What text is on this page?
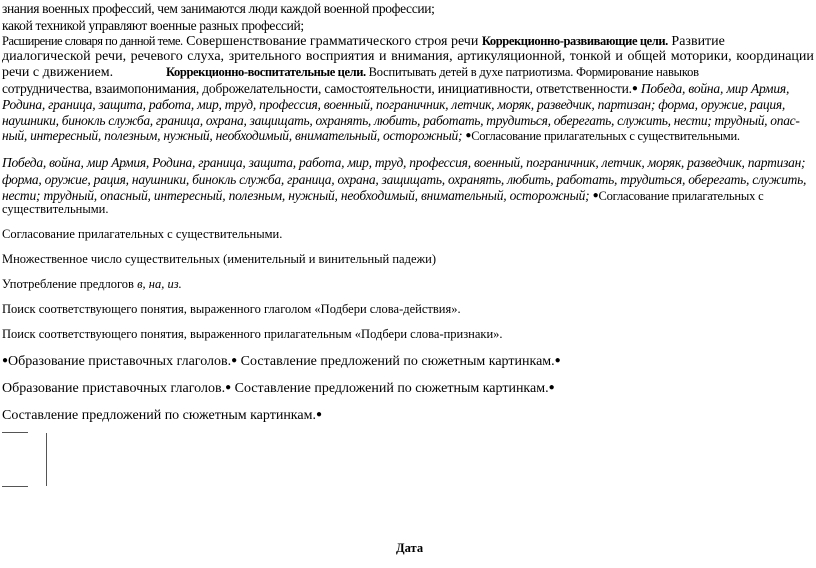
знания военных профессий, чем занимаются люди каждой военной профессии;
какой техникой управляют военные разных профессий;
Расширение словаря по данной теме. Совершенствование грамматического строя речи Коррекционно-развивающие цели. Развитие
диалогической речи, речевого слуха, зрительного восприятия и внимания, артикуляционной, тонкой и общей моторики, координации
речи с движением.	Коррекционно-воспитательные цели. Воспитывать детей в духе патриотизма. Формирование навыков
сотрудничества, взаимопонимания, доброжелательности, самостоятельности, инициативности, ответственности.● Победа, война, мир Армия,
Родина, граница, защита, работа, мир, труд, профессия, военный, пограничник, летчик, моряк, разведчик, партизан; форма, оружие, рация,
наушники, бинокль служба, граница, охрана, защищать, охранять, любить, работать, трудиться, оберегать, служить, нести; трудный, опас-
ный, интересный, полезным, нужный, необходимый, внимательный, осторожный; ●Согласование прилагательных с существительными.
Победа, война, мир Армия, Родина, граница, защита, работа, мир, труд, профессия, военный, пограничник, летчик, моряк, разведчик, партизан;
форма, оружие, рация, наушники, бинокль служба, граница, охрана, защищать, охранять, любить, работать, трудиться, оберегать, служить,
нести; трудный, опасный, интересный, полезным, нужный, необходимый, внимательный, осторожный; ●Согласование прилагательных с
существительными.
Согласование прилагательных с существительными.
Множественное число существительных (именительный и винительный падежи)
Употребление предлогов в, на, из.
Поиск соответствующего понятия, выраженного глаголом «Подбери слова-действия».
Поиск соответствующего понятия, выраженного прилагательным «Подбери слова-признаки».
●Образование приставочных глаголов.● Составление предложений по сюжетным картинкам.●
Образование приставочных глаголов.● Составление предложений по сюжетным картинкам.●
Составление предложений по сюжетным картинкам.●
Дата
